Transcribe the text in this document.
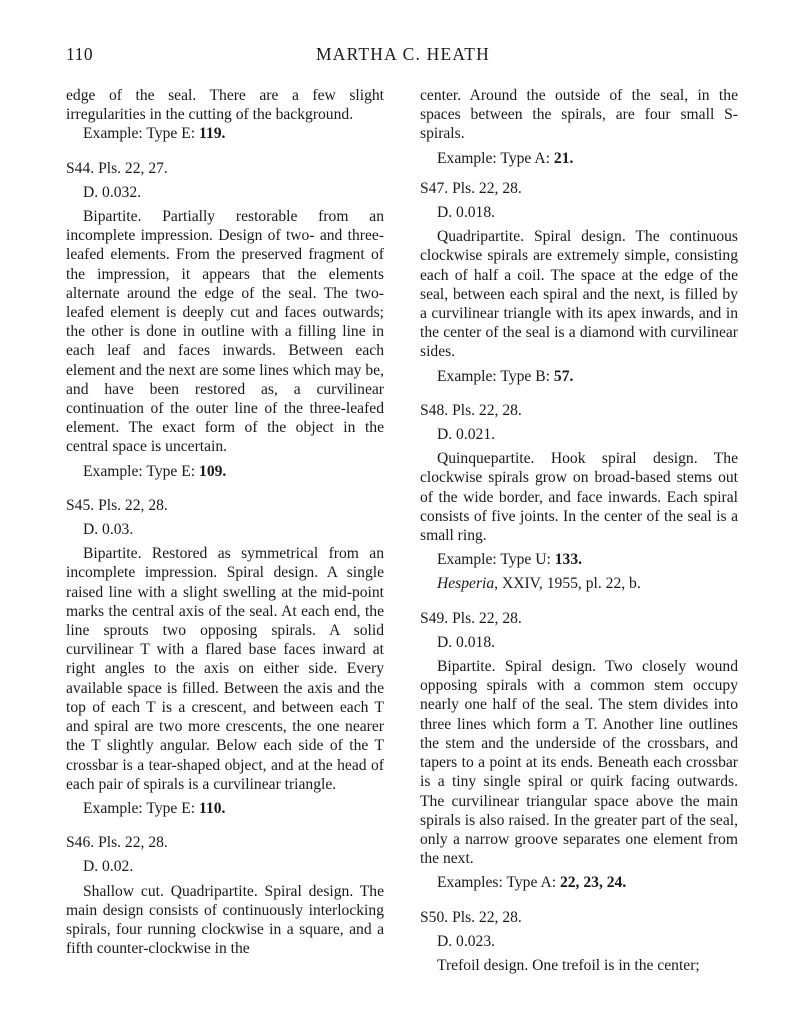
110	MARTHA C. HEATH

edge of the seal. There are a few slight irregularities in the cutting of the background.

Example: Type E: 119.
S44. Pls. 22, 27.
D. 0.032.

Bipartite. Partially restorable from an incomplete impression. Design of two- and three-leafed elements. From the preserved fragment of the impression, it appears that the elements alternate around the edge of the seal. The two-leafed element is deeply cut and faces outwards; the other is done in outline with a filling line in each leaf and faces inwards. Between each element and the next are some lines which may be, and have been restored as, a curvilinear continuation of the outer line of the three-leafed element. The exact form of the object in the central space is uncertain.

Example: Type E: 109.
S45. Pls. 22, 28.
D. 0.03.

Bipartite. Restored as symmetrical from an incomplete impression. Spiral design. A single raised line with a slight swelling at the mid-point marks the central axis of the seal. At each end, the line sprouts two opposing spirals. A solid curvilinear T with a flared base faces inward at right angles to the axis on either side. Every available space is filled. Between the axis and the top of each T is a crescent, and between each T and spiral are two more crescents, the one nearer the T slightly angular. Below each side of the T crossbar is a tear-shaped object, and at the head of each pair of spirals is a curvilinear triangle.

Example: Type E: 110.
S46. Pls. 22, 28.
D. 0.02.

Shallow cut. Quadripartite. Spiral design. The main design consists of continuously interlocking spirals, four running clockwise in a square, and a fifth counter-clockwise in the

center. Around the outside of the seal, in the spaces between the spirals, are four small S-spirals.

Example: Type A: 21.
S47. Pls. 22, 28.
D. 0.018.

Quadripartite. Spiral design. The continuous clockwise spirals are extremely simple, consisting each of half a coil. The space at the edge of the seal, between each spiral and the next, is filled by a curvilinear triangle with its apex inwards, and in the center of the seal is a diamond with curvilinear sides.

Example: Type B: 57.
S48. Pls. 22, 28.
D. 0.021.

Quinquepartite. Hook spiral design. The clockwise spirals grow on broad-based stems out of the wide border, and face inwards. Each spiral consists of five joints. In the center of the seal is a small ring.

Example: Type U: 133.
Hesperia, XXIV, 1955, pl. 22, b.
S49. Pls. 22, 28.
D. 0.018.

Bipartite. Spiral design. Two closely wound opposing spirals with a common stem occupy nearly one half of the seal. The stem divides into three lines which form a T. Another line outlines the stem and the underside of the crossbars, and tapers to a point at its ends. Beneath each crossbar is a tiny single spiral or quirk facing outwards. The curvilinear triangular space above the main spirals is also raised. In the greater part of the seal, only a narrow groove separates one element from the next.

Examples: Type A: 22, 23, 24.
S50. Pls. 22, 28.
D. 0.023.

Trefoil design. One trefoil is in the center;
